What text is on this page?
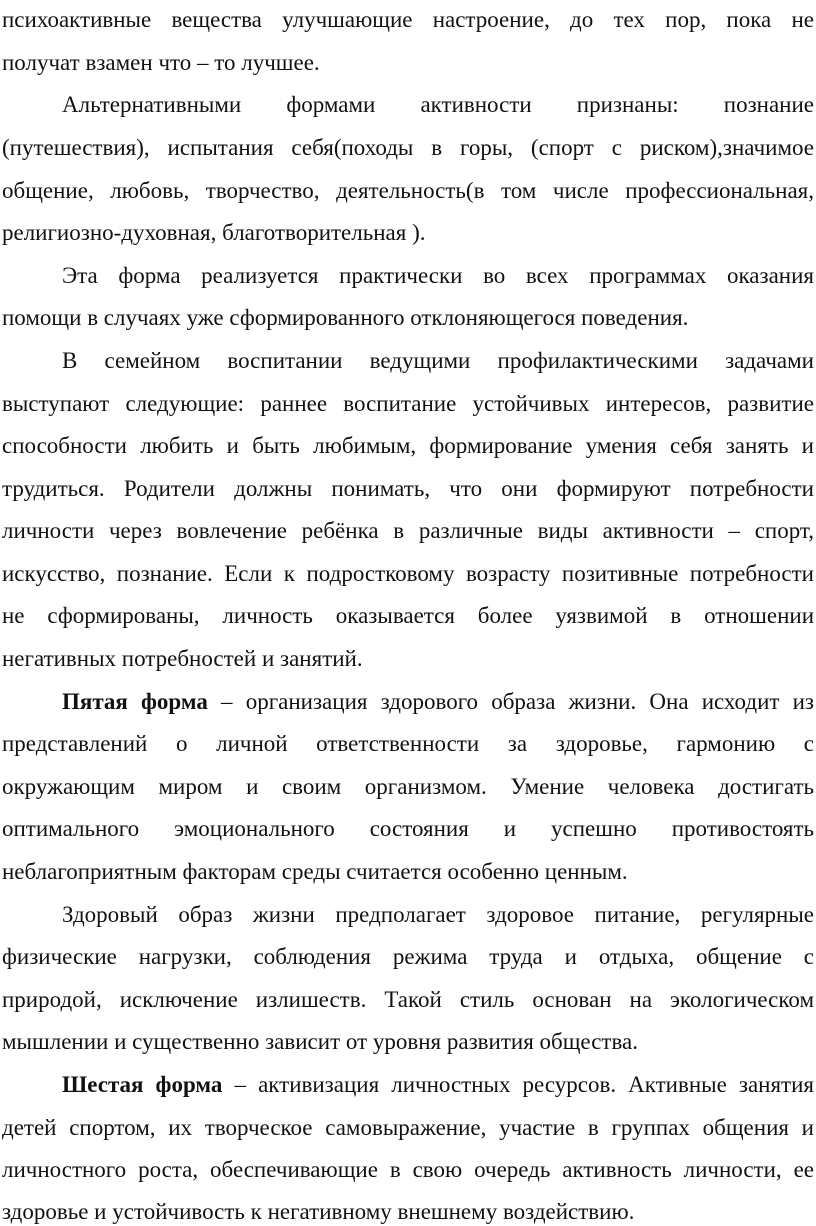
психоактивные вещества улучшающие настроение, до тех пор, пока не
получат взамен что – то лучшее.
Альтернативными формами активности признаны: познание
(путешествия), испытания себя(походы в горы, (спорт с риском),значимое
общение, любовь, творчество, деятельность(в том числе профессиональная,
религиозно-духовная, благотворительная ).
Эта форма реализуется практически во всех программах оказания
помощи в случаях уже сформированного отклоняющегося поведения.
В семейном воспитании ведущими профилактическими задачами
выступают следующие: раннее воспитание устойчивых интересов, развитие
способности любить и быть любимым, формирование умения себя занять и
трудиться. Родители должны понимать, что они формируют потребности
личности через вовлечение ребёнка в различные виды активности – спорт,
искусство, познание. Если к подростковому возрасту позитивные потребности
не сформированы, личность оказывается более уязвимой в отношении
негативных потребностей и занятий.
Пятая форма – организация здорового образа жизни. Она исходит из
представлений о личной ответственности за здоровье, гармонию с
окружающим миром и своим организмом. Умение человека достигать
оптимального эмоционального состояния и успешно противостоять
неблагоприятным факторам среды считается особенно ценным.
Здоровый образ жизни предполагает здоровое питание, регулярные
физические нагрузки, соблюдения режима труда и отдыха, общение с
природой, исключение излишеств. Такой стиль основан на экологическом
мышлении и существенно зависит от уровня развития общества.
Шестая форма – активизация личностных ресурсов. Активные занятия
детей спортом, их творческое самовыражение, участие в группах общения и
личностного роста, обеспечивающие в свою очередь активность личности, ее
здоровье и устойчивость к негативному внешнему воздействию.
